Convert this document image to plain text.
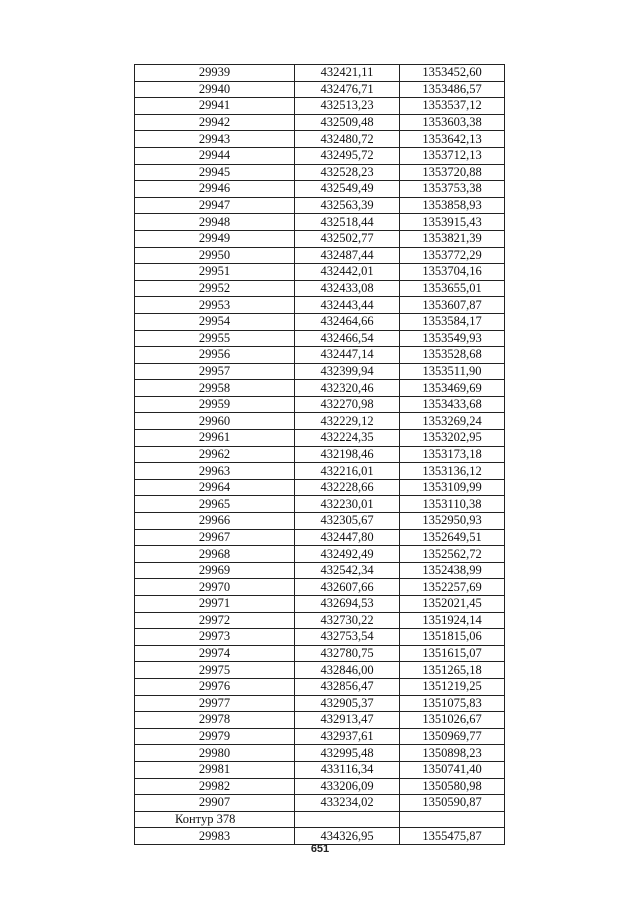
29939	432421,11	1353452,60
29940	432476,71	1353486,57
29941	432513,23	1353537,12
29942	432509,48	1353603,38
29943	432480,72	1353642,13
29944	432495,72	1353712,13
29945	432528,23	1353720,88
29946	432549,49	1353753,38
29947	432563,39	1353858,93
29948	432518,44	1353915,43
29949	432502,77	1353821,39
29950	432487,44	1353772,29
29951	432442,01	1353704,16
29952	432433,08	1353655,01
29953	432443,44	1353607,87
29954	432464,66	1353584,17
29955	432466,54	1353549,93
29956	432447,14	1353528,68
29957	432399,94	1353511,90
29958	432320,46	1353469,69
29959	432270,98	1353433,68
29960	432229,12	1353269,24
29961	432224,35	1353202,95
29962	432198,46	1353173,18
29963	432216,01	1353136,12
29964	432228,66	1353109,99
29965	432230,01	1353110,38
29966	432305,67	1352950,93
29967	432447,80	1352649,51
29968	432492,49	1352562,72
29969	432542,34	1352438,99
29970	432607,66	1352257,69
29971	432694,53	1352021,45
29972	432730,22	1351924,14
29973	432753,54	1351815,06
29974	432780,75	1351615,07
29975	432846,00	1351265,18
29976	432856,47	1351219,25
29977	432905,37	1351075,83
29978	432913,47	1351026,67
29979	432937,61	1350969,77
29980	432995,48	1350898,23
29981	433116,34	1350741,40
29982	433206,09	1350580,98
29907	433234,02	1350590,87
Контур 378		
29983	434326,95	1355475,87
651
